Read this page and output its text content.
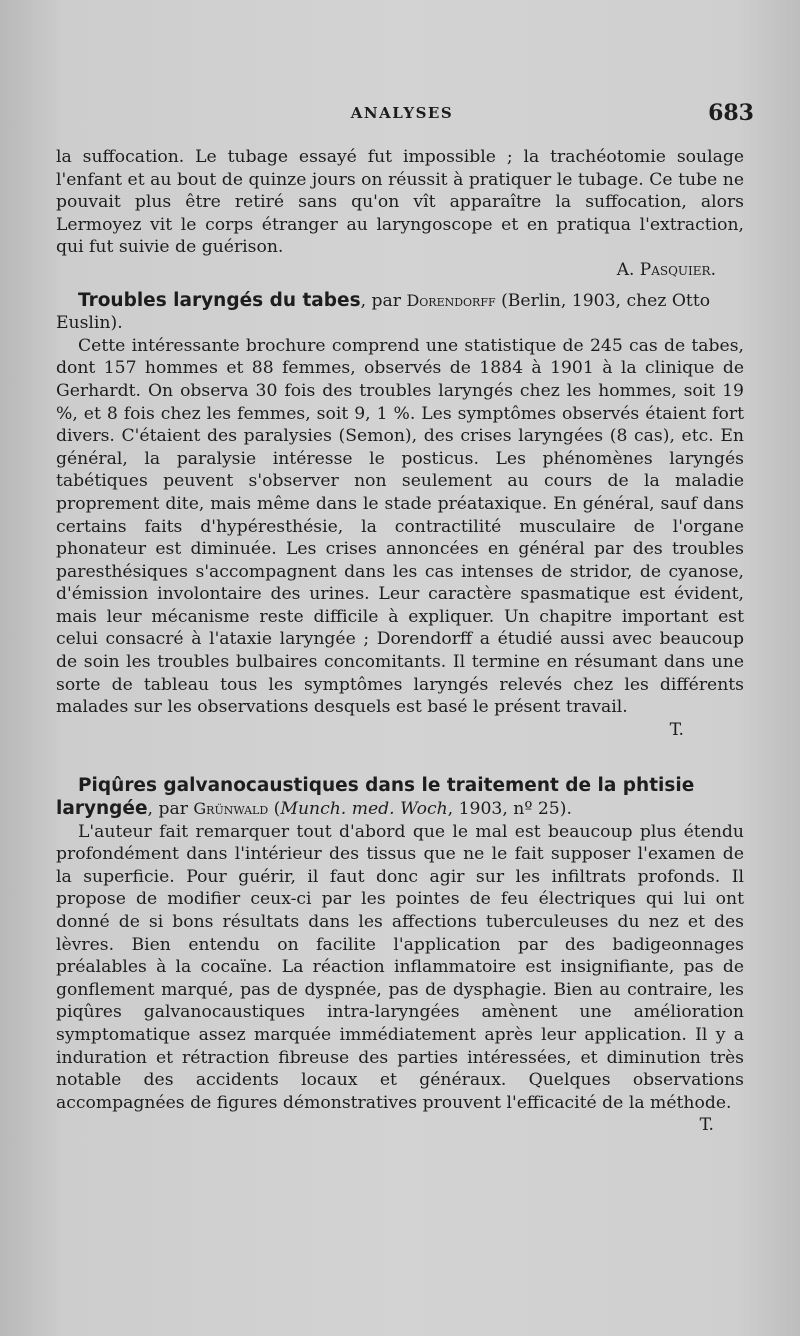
ANALYSES	683

la suffocation. Le tubage essayé fut impossible ; la trachéotomie soulage l'enfant et au bout de quinze jours on réussit à pratiquer le tubage. Ce tube ne pouvait plus être retiré sans qu'on vît apparaître la suffocation, alors Lermoyez vit le corps étranger au laryngoscope et en pratiqua l'extraction, qui fut suivie de guérison.

A. Pasquier.

Troubles laryngés du tabes, par Dorendorff (Berlin, 1903, chez Otto Euslin).

Cette intéressante brochure comprend une statistique de 245 cas de tabes, dont 157 hommes et 88 femmes, observés de 1884 à 1901 à la clinique de Gerhardt. On observa 30 fois des troubles laryngés chez les hommes, soit 19 %, et 8 fois chez les femmes, soit 9, 1 %. Les symptômes observés étaient fort divers. C'étaient des paralysies (Semon), des crises laryngées (8 cas), etc. En général, la paralysie intéresse le posticus. Les phénomènes laryngés tabétiques peuvent s'observer non seulement au cours de la maladie proprement dite, mais même dans le stade préataxique. En général, sauf dans certains faits d'hypéresthésie, la contractilité musculaire de l'organe phonateur est diminuée. Les crises annoncées en général par des troubles paresthésiques s'accompagnent dans les cas intenses de stridor, de cyanose, d'émission involontaire des urines. Leur caractère spasmatique est évident, mais leur mécanisme reste difficile à expliquer. Un chapitre important est celui consacré à l'ataxie laryngée ; Dorendorff a étudié aussi avec beaucoup de soin les troubles bulbaires concomitants. Il termine en résumant dans une sorte de tableau tous les symptômes laryngés relevés chez les différents malades sur les observations desquels est basé le présent travail.

T.

Piqûres galvanocaustiques dans le traitement de la phtisie laryngée, par Grünwald (Munch. med. Woch, 1903, nº 25).

L'auteur fait remarquer tout d'abord que le mal est beaucoup plus étendu profondément dans l'intérieur des tissus que ne le fait supposer l'examen de la superficie. Pour guérir, il faut donc agir sur les infiltrats profonds. Il propose de modifier ceux-ci par les pointes de feu électriques qui lui ont donné de si bons résultats dans les affections tuberculeuses du nez et des lèvres. Bien entendu on facilite l'application par des badigeonnages préalables à la cocaïne. La réaction inflammatoire est insignifiante, pas de gonflement marqué, pas de dyspnée, pas de dysphagie. Bien au contraire, les piqûres galvanocaustiques intra-laryngées amènent une amélioration symptomatique assez marquée immédiatement après leur application. Il y a induration et rétraction fibreuse des parties intéressées, et diminution très notable des accidents locaux et généraux. Quelques observations accompagnées de figures démonstratives prouvent l'efficacité de la méthode.

T.
